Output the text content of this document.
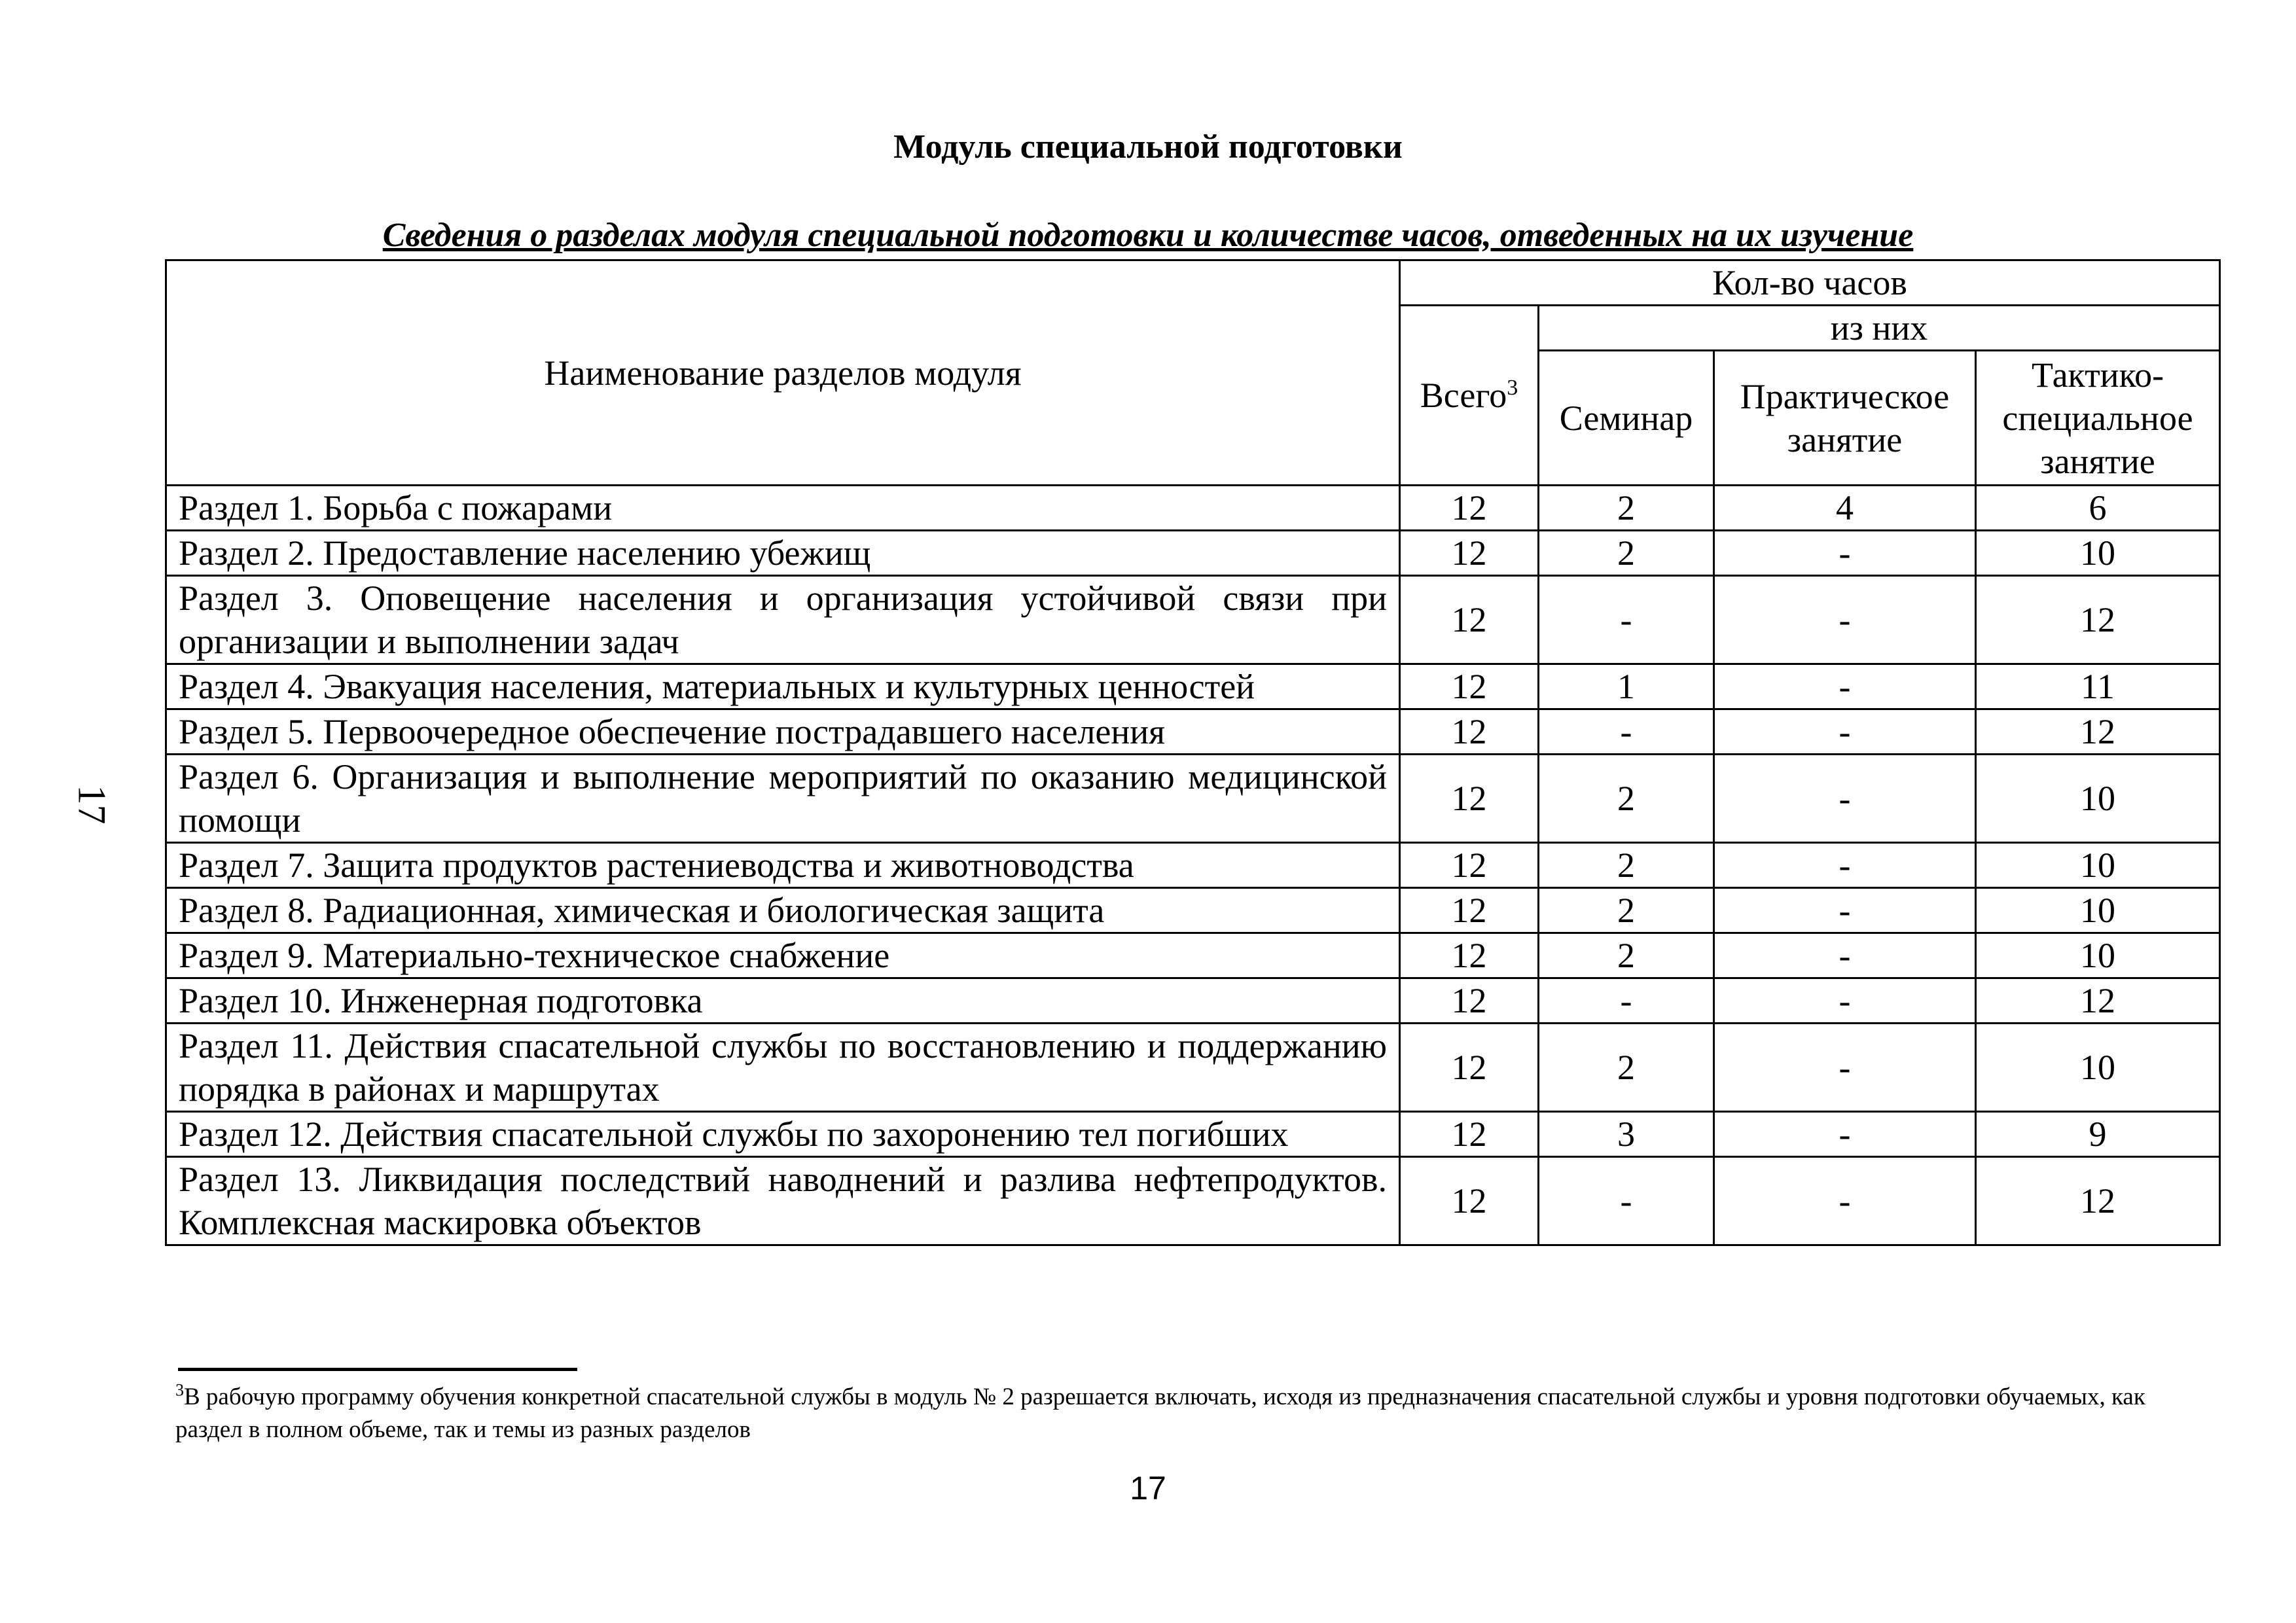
Модуль специальной подготовки
Сведения о разделах модуля специальной подготовки и количестве часов, отведенных на их изучение
17
Наименование разделов модуля	Кол-во часов			
	Всего$^3$	из них		
		Семинар	Практическое занятие	Тактико-специальное занятие
Раздел 1. Борьба с пожарами	12	2	4	6
Раздел 2. Предоставление населению убежищ	12	2	-	10
Раздел 3. Оповещение населения и организация устойчивой связи при организации и выполнении задач	12	-	-	12
Раздел 4. Эвакуация населения, материальных и культурных ценностей	12	1	-	11
Раздел 5. Первоочередное обеспечение пострадавшего населения	12	-	-	12
Раздел 6. Организация и выполнение мероприятий по оказанию медицинской помощи	12	2	-	10
Раздел 7. Защита продуктов растениеводства и животноводства	12	2	-	10
Раздел 8. Радиационная, химическая и биологическая защита	12	2	-	10
Раздел 9. Материально-техническое снабжение	12	2	-	10
Раздел 10. Инженерная подготовка	12	-	-	12
Раздел 11. Действия спасательной службы по восстановлению и поддержанию порядка в районах и маршрутах	12	2	-	10
Раздел 12. Действия спасательной службы по захоронению тел погибших	12	3	-	9
Раздел 13. Ликвидация последствий наводнений и разлива нефтепродуктов. Комплексная маскировка объектов	12	-	-	12
$^3$В рабочую программу обучения конкретной спасательной службы в модуль № 2 разрешается включать, исходя из предназначения спасательной службы и уровня подготовки обучаемых, как раздел в полном объеме, так и темы из разных разделов
17
